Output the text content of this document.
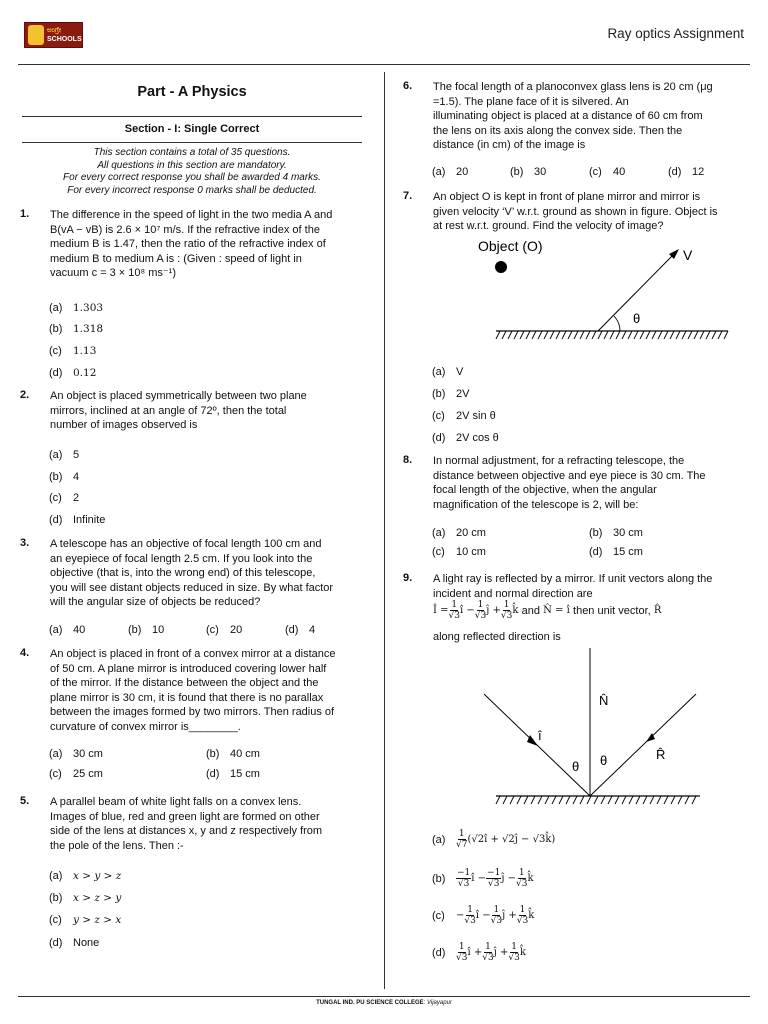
ಅಂಗ್ರೇ
SCHOOLS	Ray optics Assignment
Part - A Physics
Section - I: Single Correct
This section contains a total of 35 questions.
All questions in this section are mandatory.
For every correct response you shall be awarded 4 marks.
For every incorrect response 0 marks shall be deducted.
1. The difference in the speed of light in the two media A and
B(vA − vB) is 2.6 × 10⁷ m/s. If the refractive index of the
medium B is 1.47, then the ratio of the refractive index of
medium B to medium A is : (Given : speed of light in
vacuum c = 3 × 10⁸ ms⁻¹)
(a) 1.303
(b) 1.318
(c) 1.13
(d) 0.12
2. An object is placed symmetrically between two plane
mirrors, inclined at an angle of 72º, then the total
number of images observed is
(a) 5
(b) 4
(c) 2
(d) Infinite
3. A telescope has an objective of focal length 100 cm and
an eyepiece of focal length 2.5 cm. If you look into the
objective (that is, into the wrong end) of this telescope,
you will see distant objects reduced in size. By what factor
will the angular size of objects be reduced?
(a) 40	(b) 10	(c) 20	(d) 4
4. An object is placed in front of a convex mirror at a distance
of 50 cm. A plane mirror is introduced covering lower half
of the mirror. If the distance between the object and the
plane mirror is 30 cm, it is found that there is no parallax
between the images formed by two mirrors. Then radius of
curvature of convex mirror is________.
(a) 30 cm	(b) 40 cm
(c) 25 cm	(d) 15 cm
5. A parallel beam of white light falls on a convex lens.
Images of blue, red and green light are formed on other
side of the lens at distances x, y and z respectively from
the pole of the lens. Then :-
(a) x > y > z
(b) x > z > y
(c) y > z > x
(d) None
6. The focal length of a planoconvex glass lens is 20 cm (μg
=1.5). The plane face of it is silvered. An
illuminating object is placed at a distance of 60 cm from
the lens on its axis along the convex side. Then the
distance (in cm) of the image is
(a) 20	(b) 30	(c) 40	(d) 12
7. An object O is kept in front of plane mirror and mirror is
given velocity ‘V’ w.r.t. ground as shown in figure. Object is
at rest w.r.t. ground. Find the velocity of image?
Object (O)
V
θ
(a) V
(b) 2V
(c) 2V sin θ
(d) 2V cos θ
8. In normal adjustment, for a refracting telescope, the
distance between objective and eye piece is 30 cm. The
focal length of the objective, when the angular
magnification of the telescope is 2, will be:
(a) 20 cm	(b) 30 cm
(c) 10 cm	(d) 15 cm
9. A light ray is reflected by a mirror. If unit vectors along the
incident and normal direction are
Î = $\frac{1}{√3}$ î − $\frac{1}{√3}$ ĵ + $\frac{1}{√3}$ k̂ and N̂ = î then unit vector, R̂
along reflected direction is
N̂
î
R̂
θ θ
(a)	$\frac{1}{√7}$ (√2î + √2ĵ − √3k̂)
(b)	$\frac{-1}{√3}$ î − $\frac{-1}{√3}$ ĵ − $\frac{1}{√3}$ k̂
(c)	− $\frac{1}{√3}$ î − $\frac{1}{√3}$ ĵ + $\frac{1}{√3}$ k̂
(d)	$\frac{1}{√3}$ î + $\frac{1}{√3}$ ĵ + $\frac{1}{√3}$ k̂
TUNGAL IND. PU SCIENCE COLLEGE: Vijayapur
